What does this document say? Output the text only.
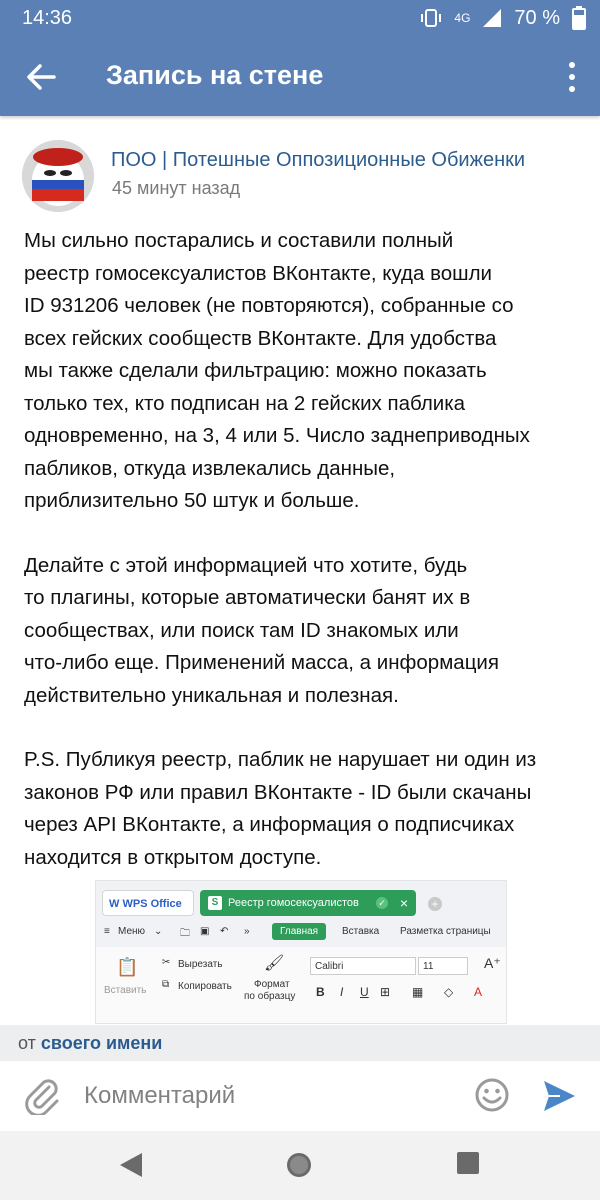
14:36	4G 70 %
Запись на стене
ПОО | Потешные Оппозиционные Обиженки
45 минут назад

Мы сильно постарались и составили полный
реестр гомосексуалистов ВКонтакте, куда вошли
ID 931206 человек (не повторяются), собранные со
всех гейских сообществ ВКонтакте. Для удобства
мы также сделали фильтрацию: можно показать
только тех, кто подписан на 2 гейских паблика
одновременно, на 3, 4 или 5. Число заднеприводных
пабликов, откуда извлекались данные,
приблизительно 50 штук и больше.

Делайте с этой информацией что хотите, будь
то плагины, которые автоматически банят их в
сообществах, или поиск там ID знакомых или
что-либо еще. Применений масса, а информация
действительно уникальная и полезная.

P.S. Публикуя реестр, паблик не нарушает ни один из
законов РФ или правил ВКонтакте - ID были скачаны
через API ВКонтакте, а информация о подписчиках
находится в открытом доступе.

W WPS Office	S Реестр гомосексуалистов ✓ × +
≡ Меню ⌄ 🗀 ▣ ↶ »	Главная	Вставка Разметка страницы
📋
Вставить
✂ Вырезать
⧉ Копировать
🖌
Формат
по образцу
Calibri	11	A⁺
B I U ⊞ ▦ ◇ A
от своего имени
Комментарий
